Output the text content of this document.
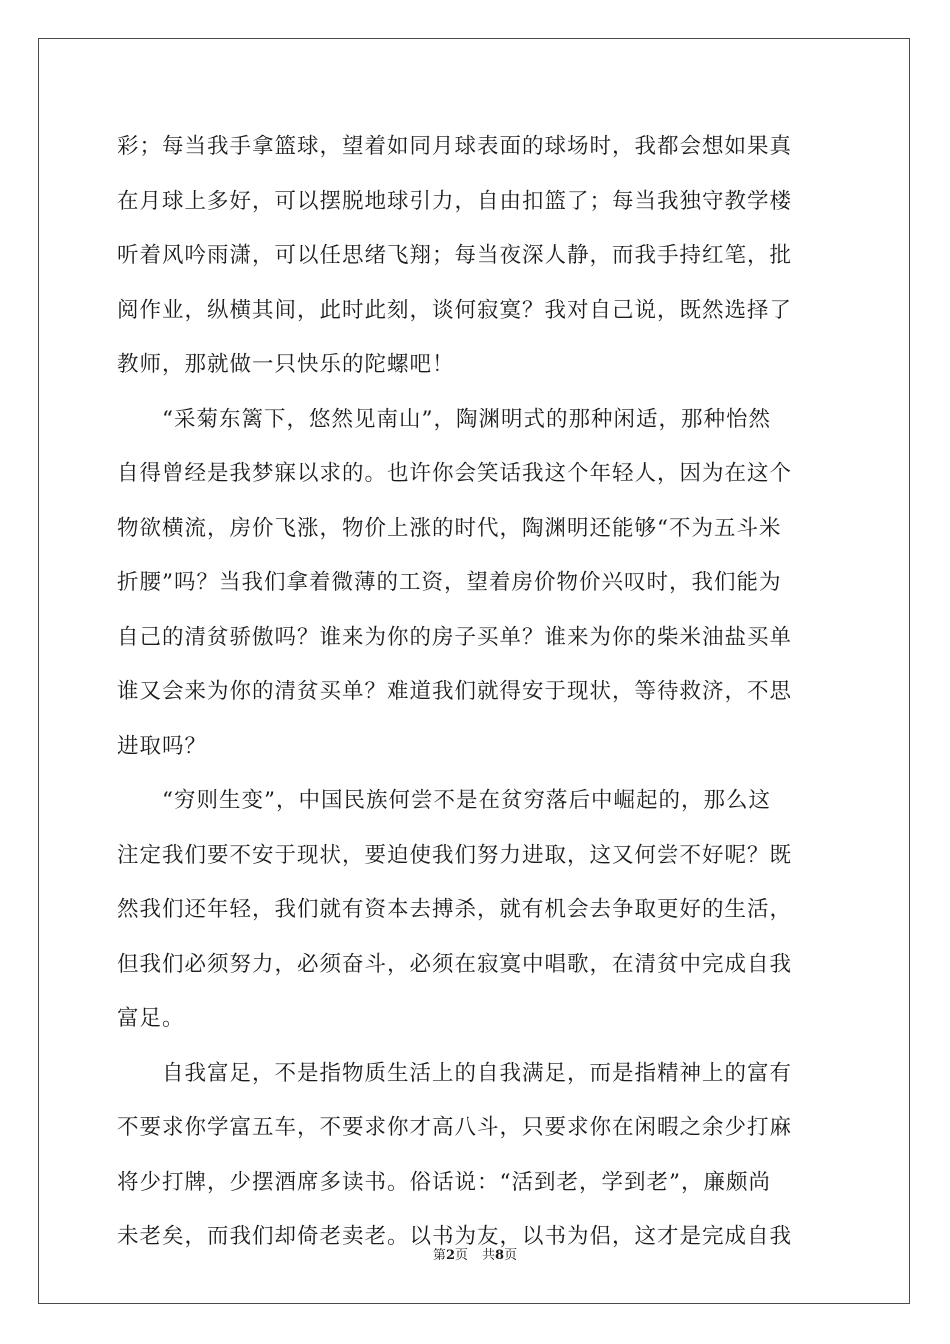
彩；每当我手拿篮球，望着如同月球表面的球场时，我都会想如果真
在月球上多好，可以摆脱地球引力，自由扣篮了；每当我独守教学楼
听着风吟雨潇，可以任思绪飞翔；每当夜深人静，而我手持红笔，批
阅作业，纵横其间，此时此刻，谈何寂寞？我对自己说，既然选择了
教师，那就做一只快乐的陀螺吧！
　　“采菊东篱下，悠然见南山”，陶渊明式的那种闲适，那种怡然
自得曾经是我梦寐以求的。也许你会笑话我这个年轻人，因为在这个
物欲横流，房价飞涨，物价上涨的时代，陶渊明还能够“不为五斗米
折腰”吗？当我们拿着微薄的工资，望着房价物价兴叹时，我们能为
自己的清贫骄傲吗？谁来为你的房子买单？谁来为你的柴米油盐买单
谁又会来为你的清贫买单？难道我们就得安于现状，等待救济，不思
进取吗？
　　“穷则生变”，中国民族何尝不是在贫穷落后中崛起的，那么这
注定我们要不安于现状，要迫使我们努力进取，这又何尝不好呢？既
然我们还年轻，我们就有资本去搏杀，就有机会去争取更好的生活，
但我们必须努力，必须奋斗，必须在寂寞中唱歌，在清贫中完成自我
富足。
　　自我富足，不是指物质生活上的自我满足，而是指精神上的富有
不要求你学富五车，不要求你才高八斗，只要求你在闲暇之余少打麻
将少打牌，少摆酒席多读书。俗话说：“活到老，学到老”，廉颇尚
未老矣，而我们却倚老卖老。以书为友，以书为侣，这才是完成自我
第2页 共8页
